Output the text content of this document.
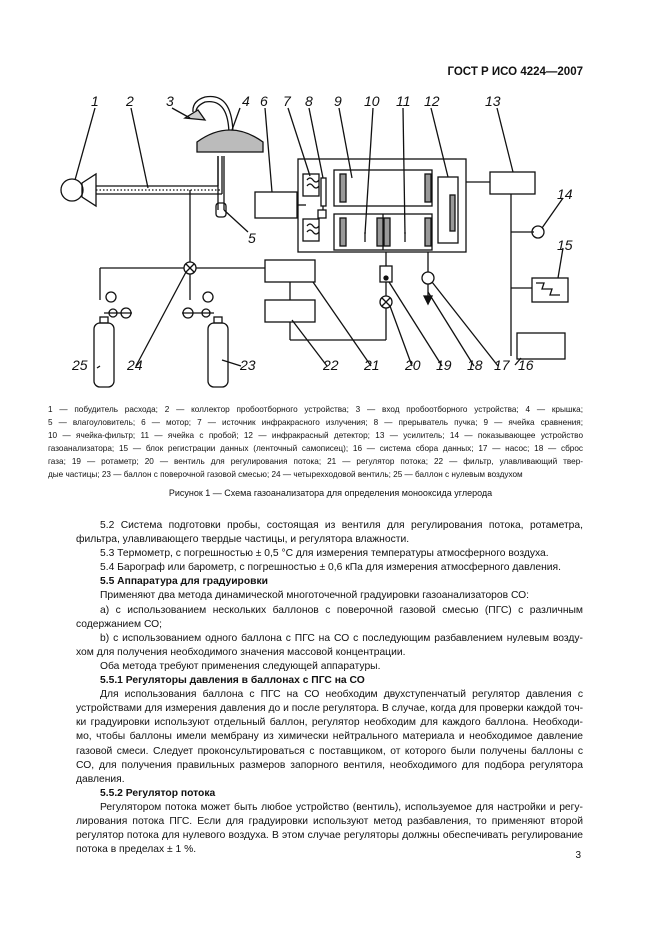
ГОСТ Р ИСО 4224—2007
1 2 3	4
5
6 7 8 9 10 11 12	13
14
15
16
17
18
19
20
21
22
23
24
25
1 — побудитель расхода; 2 — коллектор пробоотборного устройства; 3 — вход пробоотборного устройства; 4 — крышка;
5 — влагоуловитель; 6 — мотор; 7 — источник инфракрасного излучения; 8 — прерыватель пучка; 9 — ячейка сравнения;
10 — ячейка-фильтр; 11 — ячейка с пробой; 12 — инфракрасный детектор; 13 — усилитель; 14 — показывающее устройство
газоанализатора; 15 — блок регистрации данных (ленточный самописец); 16 — система сбора данных; 17 — насос; 18 — сброс
газа; 19 — ротаметр; 20 — вентиль для регулирования потока; 21 — регулятор потока; 22 — фильтр, улавливающий твер-
дые частицы; 23 — баллон с поверочной газовой смесью; 24 — четырехходовой вентиль; 25 — баллон с нулевым воздухом
Рисунок 1 — Схема газоанализатора для определения монооксида углерода

5.2 Система подготовки пробы, состоящая из вентиля для регулирования потока, ротаметра,

фильтра, улавливающего твердые частицы, и регулятора влажности.

5.3 Термометр, с погрешностью ± 0,5 °С для измерения температуры атмосферного воздуха.

5.4 Барограф или барометр, с погрешностью ± 0,6 кПа для измерения атмосферного давления.

5.5 Аппаратура для градуировки

Применяют два метода динамической многоточечной градуировки газоанализаторов СО:

a) с использованием нескольких баллонов с поверочной газовой смесью (ПГС) с различным

содержанием СО;

b) с использованием одного баллона с ПГС на СО с последующим разбавлением нулевым возду-

хом для получения необходимого значения массовой концентрации.

Оба метода требуют применения следующей аппаратуры.

5.5.1 Регуляторы давления в баллонах с ПГС на СО

Для использования баллона с ПГС на СО необходим двухступенчатый регулятор давления с

устройствами для измерения давления до и после регулятора. В случае, когда для проверки каждой точ-

ки градуировки используют отдельный баллон, регулятор необходим для каждого баллона. Необходи-

мо, чтобы баллоны имели мембрану из химически нейтрального материала и необходимое давление

газовой смеси. Следует проконсультироваться с поставщиком, от которого были получены баллоны с

СО, для получения правильных размеров запорного вентиля, необходимого для подбора регулятора

давления.

5.5.2 Регулятор потока

Регулятором потока может быть любое устройство (вентиль), используемое для настройки и регу-

лирования потока ПГС. Если для градуировки используют метод разбавления, то применяют второй

регулятор потока для нулевого воздуха. В этом случае регуляторы должны обеспечивать регулирование

потока в пределах ± 1 %.

3
